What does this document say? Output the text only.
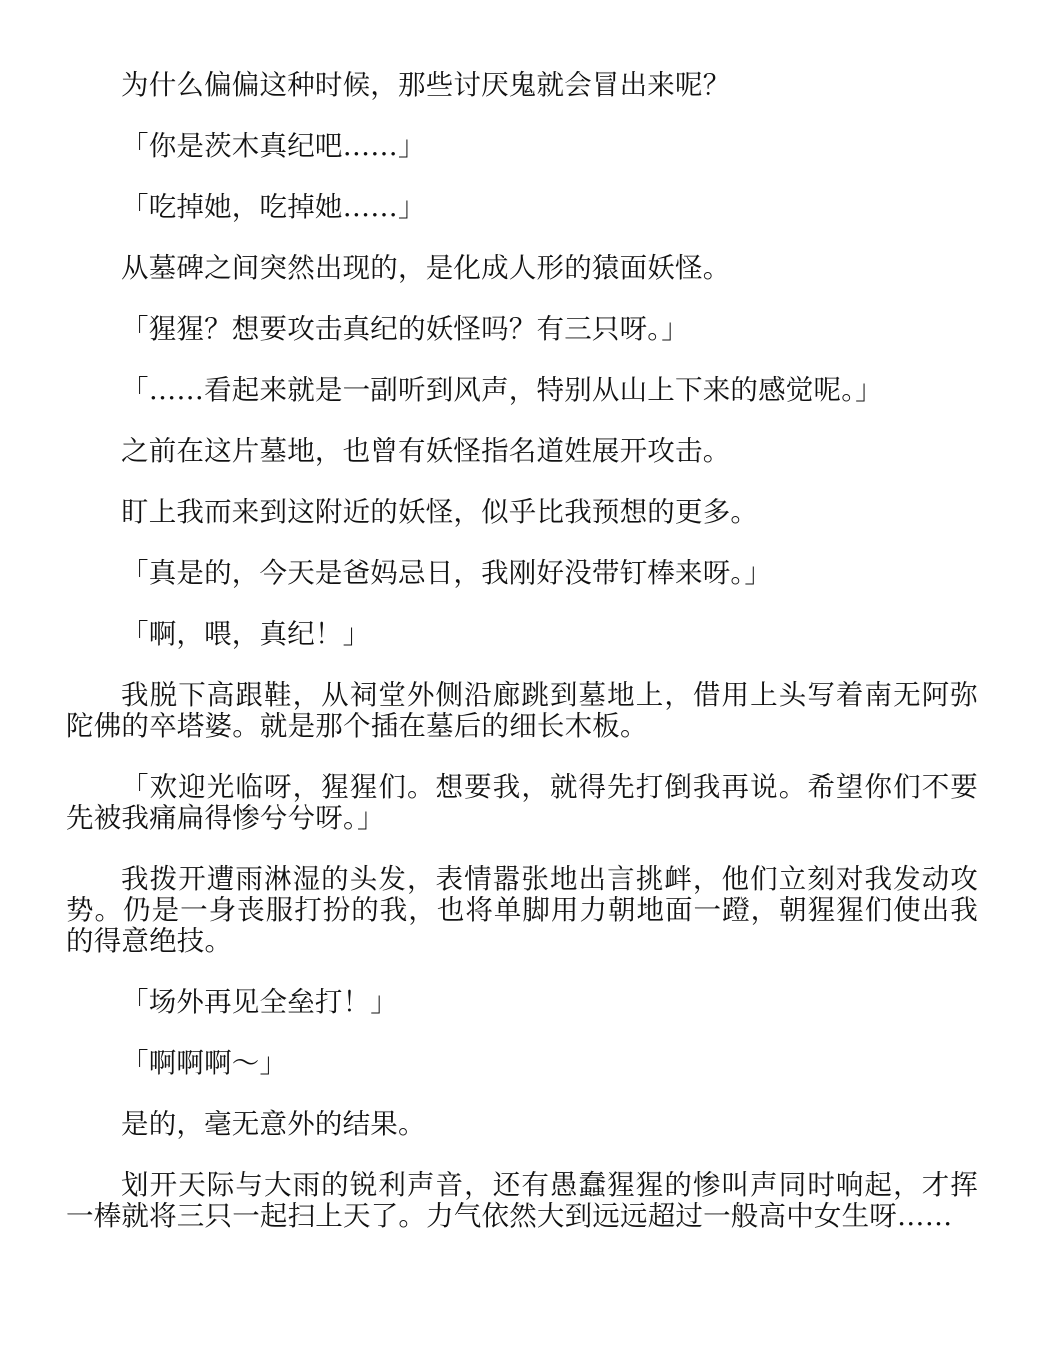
为什么偏偏这种时候，那些讨厌鬼就会冒出来呢？

「你是茨木真纪吧……」

「吃掉她，吃掉她……」

从墓碑之间突然出现的，是化成人形的猿面妖怪。

「猩猩？想要攻击真纪的妖怪吗？有三只呀。」

「……看起来就是一副听到风声，特别从山上下来的感觉呢。」

之前在这片墓地，也曾有妖怪指名道姓展开攻击。

盯上我而来到这附近的妖怪，似乎比我预想的更多。

「真是的，今天是爸妈忌日，我刚好没带钉棒来呀。」

「啊，喂，真纪！」

我脱下高跟鞋，从祠堂外侧沿廊跳到墓地上，借用上头写着南无阿弥陀佛的卒塔婆。就是那个插在墓后的细长木板。

「欢迎光临呀，猩猩们。想要我，就得先打倒我再说。希望你们不要先被我痛扁得惨兮兮呀。」

我拨开遭雨淋湿的头发，表情嚣张地出言挑衅，他们立刻对我发动攻势。仍是一身丧服打扮的我，也将单脚用力朝地面一蹬，朝猩猩们使出我的得意绝技。

「场外再见全垒打！」

「啊啊啊～」

是的，毫无意外的结果。

划开天际与大雨的锐利声音，还有愚蠢猩猩的惨叫声同时响起，才挥一棒就将三只一起扫上天了。力气依然大到远远超过一般高中女生呀……
